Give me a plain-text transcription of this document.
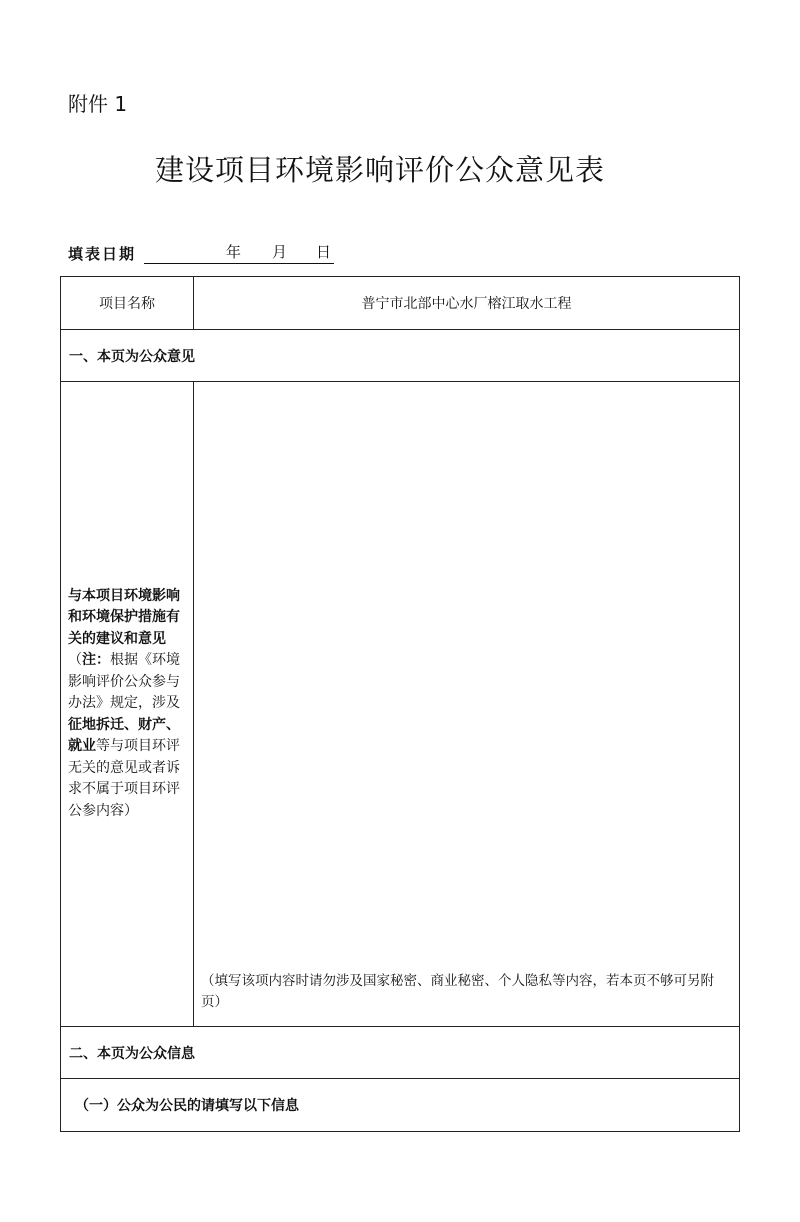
附件 1
建设项目环境影响评价公众意见表
填表日期	年 月 日
项目名称	普宁市北部中心水厂榕江取水工程
一、本页为公众意见
与本项目环境影响和环境保护措施有关的建议和意见（注：根据《环境影响评价公众参与办法》规定，涉及征地拆迁、财产、就业等与项目环评无关的意见或者诉求不属于项目环评公参内容）
（填写该项内容时请勿涉及国家秘密、商业秘密、个人隐私等内容，若本页不够可另附页）
二、本页为公众信息
（一）公众为公民的请填写以下信息
